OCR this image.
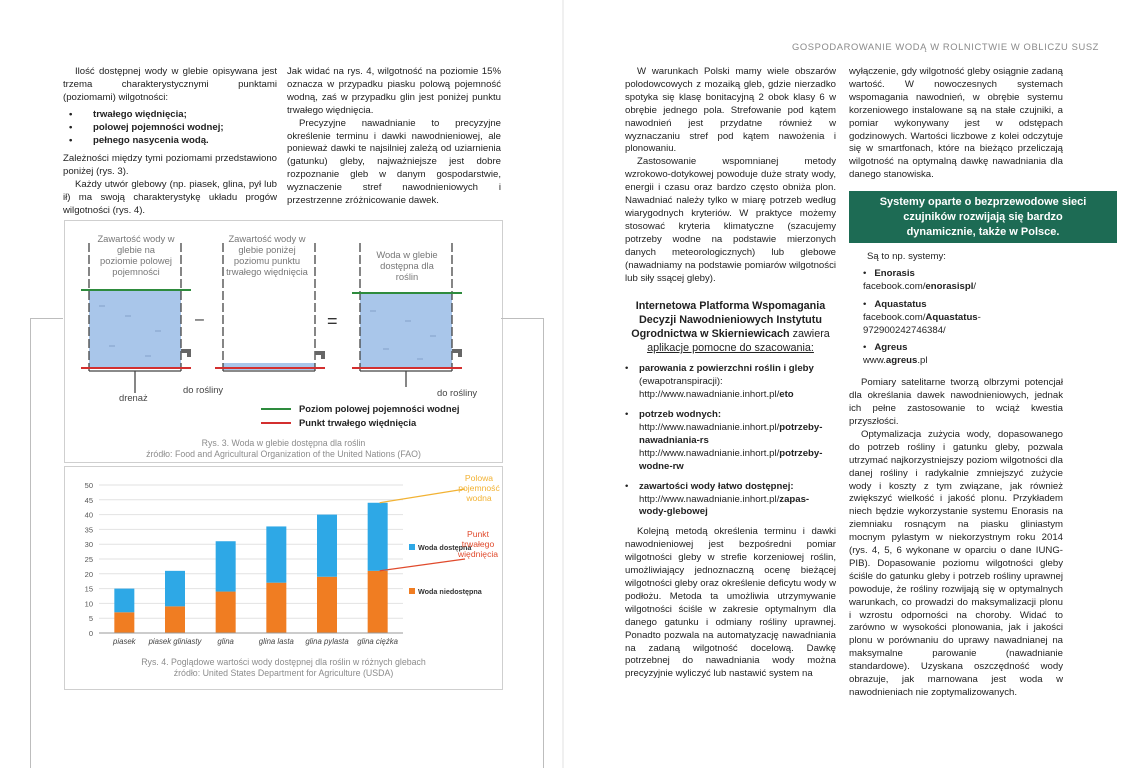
GOSPODAROWANIE WODĄ W ROLNICTWIE W OBLICZU SUSZ

Ilość dostępnej wody w glebie opisywana jest trzema charakterystycznymi punktami (poziomami) wilgotności:

• trwałego więdnięcia;
• polowej pojemności wodnej;
• pełnego nasycenia wodą.

Zależności między tymi poziomami przedstawiono poniżej (rys. 3).

Każdy utwór glebowy (np. piasek, glina, pył lub ił) ma swoją charakterystykę układu progów wilgotności (rys. 4).

Jak widać na rys. 4, wilgotność na poziomie 15% oznacza w przypadku piasku polową pojemność wodną, zaś w przypadku glin jest poniżej punktu trwałego więdnięcia.

Precyzyjne nawadnianie to precyzyjne określenie terminu i dawki nawodnieniowej, ale ponieważ dawki te najsilniej zależą od uziarnienia (gatunku) gleby, najważniejsze jest dobre rozpoznanie gleb w danym gospodarstwie, wyznaczenie stref nawodnieniowych i przestrzenne zróżnicowanie dawek.

–	=
Zawartość wody w glebie na poziomie polowej pojemności
Zawartość wody w glebie poniżej poziomu punktu trwałego więdnięcia
Woda w glebie dostępna dla roślin
drenaż
do rośliny	do rośliny
Poziom polowej pojemności wodnej
Punkt trwałego więdnięcia
Rys. 3. Woda w glebie dostępna dla roślin
źródło: Food and Agricultural Organization of the United Nations (FAO)
0
5
10
15
20
25
30
35
40
45
50
piasek piasek gliniasty glina	glina lasta glina pylasta glina ciężka
Woda dostępna
Woda niedostępna
Polowa pojemność wodna
Punkt trwałego więdnięcia
Rys. 4. Poglądowe wartości wody dostępnej dla roślin w różnych glebach
źródło: United States Department for Agriculture (USDA)

W warunkach Polski mamy wiele obszarów polodowcowych z mozaiką gleb, gdzie nierzadko spotyka się klasę bonitacyjną 2 obok klasy 6 w obrębie jednego pola. Strefowanie pod kątem nawodnień jest przydatne również w wyznaczaniu stref pod kątem nawożenia i plonowaniu.

Zastosowanie wspomnianej metody wzrokowo-dotykowej powoduje duże straty wody, energii i czasu oraz bardzo często obniża plon. Nawadniać należy tylko w miarę potrzeb według wiarygodnych kryteriów. W praktyce możemy stosować kryteria klimatyczne (szacujemy potrzeby wodne na podstawie mierzonych danych meteorologicznych) lub glebowe (nawadniamy na podstawie pomiarów wilgotności lub siły ssącej gleby).

Internetowa Platforma Wspomagania Decyzji Nawodnieniowych Instytutu Ogrodnictwa w Skierniewicach zawiera aplikacje pomocne do szacowania:

• parowania z powierzchni roślin i gleby
(ewapotranspiracji):
http://www.nawadnianie.inhort.pl/eto
• potrzeb wodnych:
http://www.nawadnianie.inhort.pl/potrzeby-nawadniania-rs
http://www.nawadnianie.inhort.pl/potrzeby-wodne-rw
• zawartości wody łatwo dostępnej:
http://www.nawadnianie.inhort.pl/zapas-wody-glebowej

Kolejną metodą określenia terminu i dawki nawodnieniowej jest bezpośredni pomiar wilgotności gleby w strefie korzeniowej roślin, umożliwiający jednoznaczną ocenę bieżącej wilgotności gleby oraz określenie deficytu wody w podłożu. Metoda ta umożliwia utrzymywanie wilgotności ściśle w zakresie optymalnym dla danego gatunku i odmiany rośliny uprawnej. Ponadto pozwala na automatyzację nawadniania na zadaną wilgotność docelową. Dawkę potrzebnej do nawadniania wody można precyzyjnie wyliczyć lub nastawić system na

wyłączenie, gdy wilgotność gleby osiągnie zadaną wartość. W nowoczesnych systemach wspomagania nawodnień, w obrębie systemu korzeniowego instalowane są na stałe czujniki, a pomiar wykonywany jest w odstępach godzinowych. Wartości liczbowe z kolei odczytuje się w smartfonach, które na bieżąco przeliczają wilgotność na optymalną dawkę nawadniania dla danego stanowiska.

Systemy oparte o bezprzewodowe sieci czujników rozwijają się bardzo dynamicznie, także w Polsce.

Są to np. systemy:

• Enorasis
facebook.com/enorasispl/
• Aquastatus
facebook.com/Aquastatus-972900242746384/
• Agreus
www.agreus.pl

Pomiary satelitarne tworzą olbrzymi potencjał dla określania dawek nawodnieniowych, jednak ich pełne zastosowanie to wciąż kwestia przyszłości.

Optymalizacja zużycia wody, dopasowanego do potrzeb rośliny i gatunku gleby, pozwala utrzymać najkorzystniejszy poziom wilgotności dla danej rośliny i radykalnie zmniejszyć zużycie wody i koszty z tym związane, jak również zwiększyć wielkość i jakość plonu. Przykładem niech będzie wykorzystanie systemu Enorasis na ziemniaku rosnącym na piasku gliniastym mocnym pylastym w niekorzystnym roku 2014 (rys. 4, 5, 6 wykonane w oparciu o dane IUNG-PIB). Dopasowanie poziomu wilgotności gleby ściśle do gatunku gleby i potrzeb rośliny uprawnej powoduje, że rośliny rozwijają się w optymalnych warunkach, co prowadzi do maksymalizacji plonu i wzrostu odporności na choroby. Widać to zarówno w wysokości plonowania, jak i jakości plonu w porównaniu do uprawy nawadnianej na maksymalne parowanie (nawadnianie standardowe). Uzyskana oszczędność wody obrazuje, jak marnowana jest woda w nawodnieniach nie zoptymalizowanych.
